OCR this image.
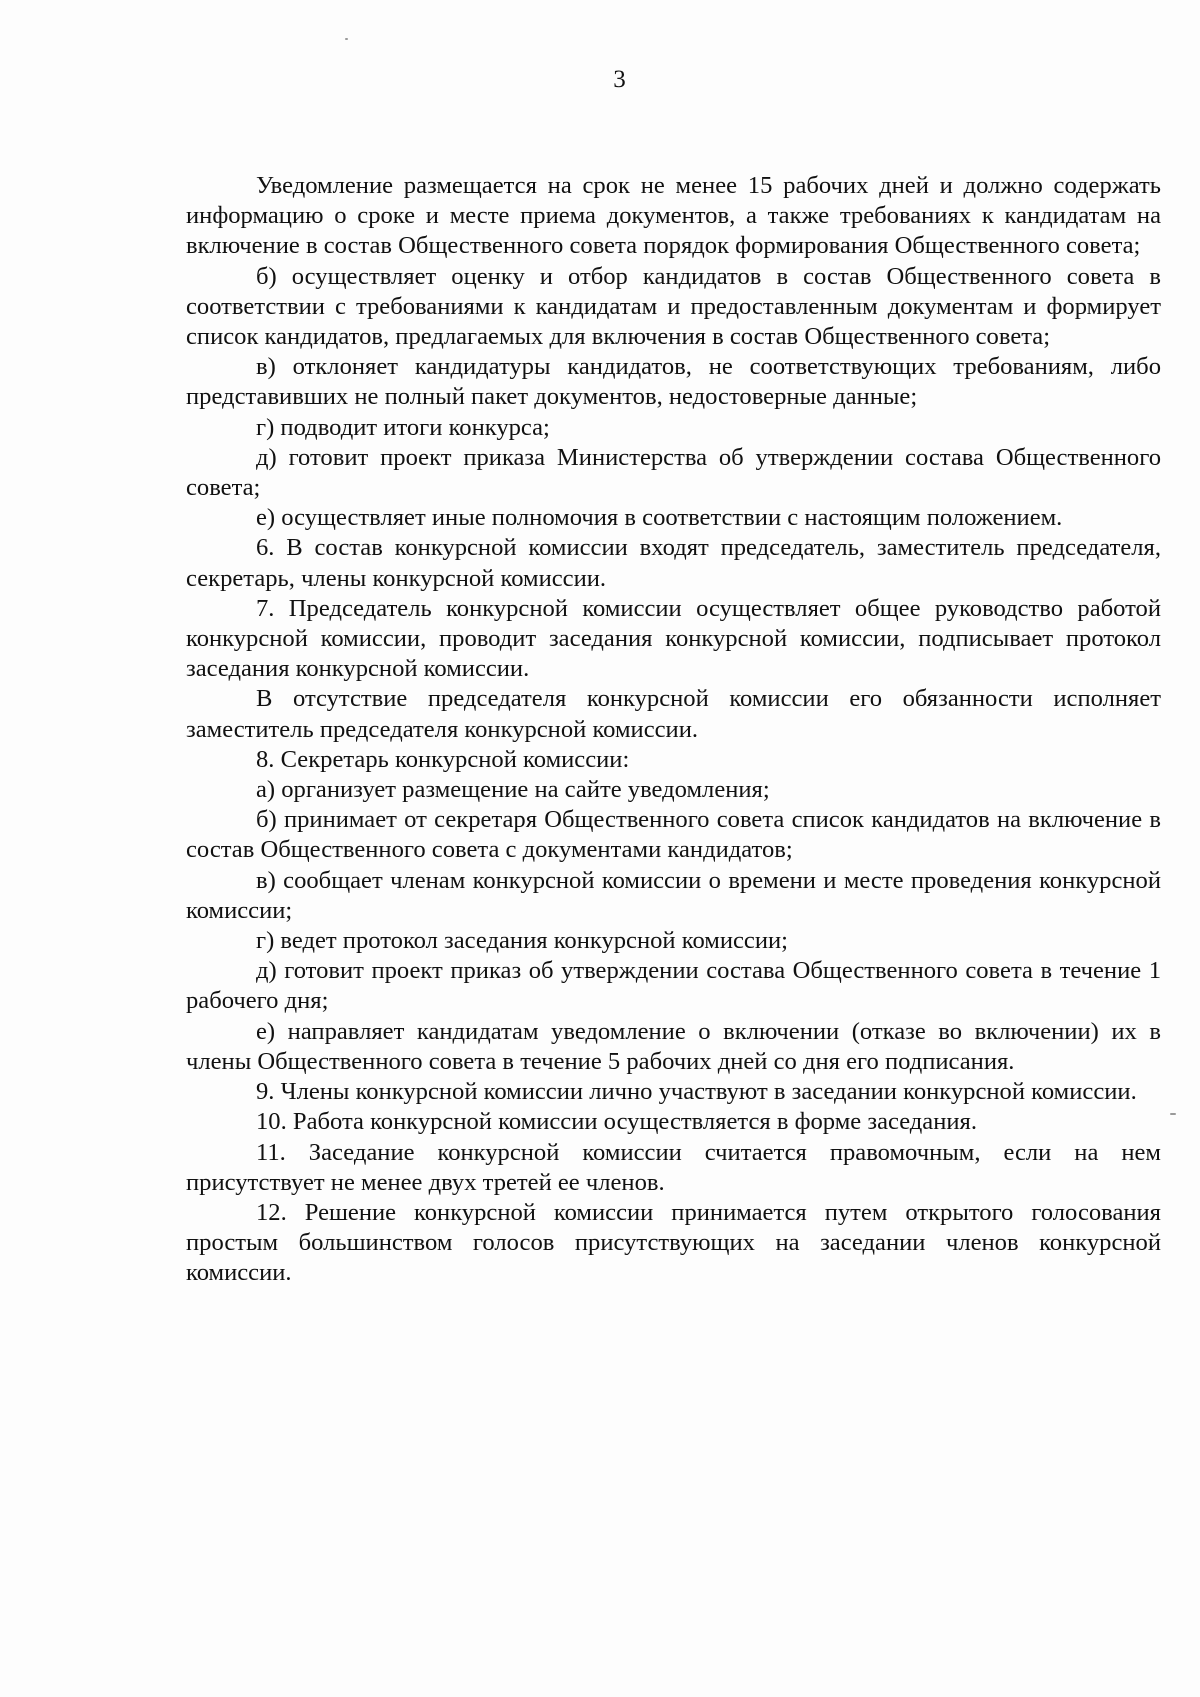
3

Уведомление размещается на срок не менее 15 рабочих дней и должно содержать информацию о сроке и месте приема документов, а также требованиях к кандидатам на включение в состав Общественного совета порядок формирования Общественного совета;

б) осуществляет оценку и отбор кандидатов в состав Общественного совета в соответствии с требованиями к кандидатам и предоставленным документам и формирует список кандидатов, предлагаемых для включения в состав Общественного совета;

в) отклоняет кандидатуры кандидатов, не соответствующих требованиям, либо представивших не полный пакет документов, недостоверные данные;

г) подводит итоги конкурса;

д) готовит проект приказа Министерства об утверждении состава Общественного совета;

е) осуществляет иные полномочия в соответствии с настоящим положением.

6. В состав конкурсной комиссии входят председатель, заместитель председателя, секретарь, члены конкурсной комиссии.

7. Председатель конкурсной комиссии осуществляет общее руководство работой конкурсной комиссии, проводит заседания конкурсной комиссии, подписывает протокол заседания конкурсной комиссии.

В отсутствие председателя конкурсной комиссии его обязанности исполняет заместитель председателя конкурсной комиссии.

8. Секретарь конкурсной комиссии:

а) организует размещение на сайте уведомления;

б) принимает от секретаря Общественного совета список кандидатов на включение в состав Общественного совета с документами кандидатов;

в) сообщает членам конкурсной комиссии о времени и месте проведения конкурсной комиссии;

г) ведет протокол заседания конкурсной комиссии;

д) готовит проект приказ об утверждении состава Общественного совета в течение 1 рабочего дня;

е) направляет кандидатам уведомление о включении (отказе во включении) их в члены Общественного совета в течение 5 рабочих дней со дня его подписания.

9. Члены конкурсной комиссии лично участвуют в заседании конкурсной комиссии.

10. Работа конкурсной комиссии осуществляется в форме заседания.

11. Заседание конкурсной комиссии считается правомочным, если на нем присутствует не менее двух третей ее членов.

12. Решение конкурсной комиссии принимается путем открытого голосования простым большинством голосов присутствующих на заседании членов конкурсной комиссии.
